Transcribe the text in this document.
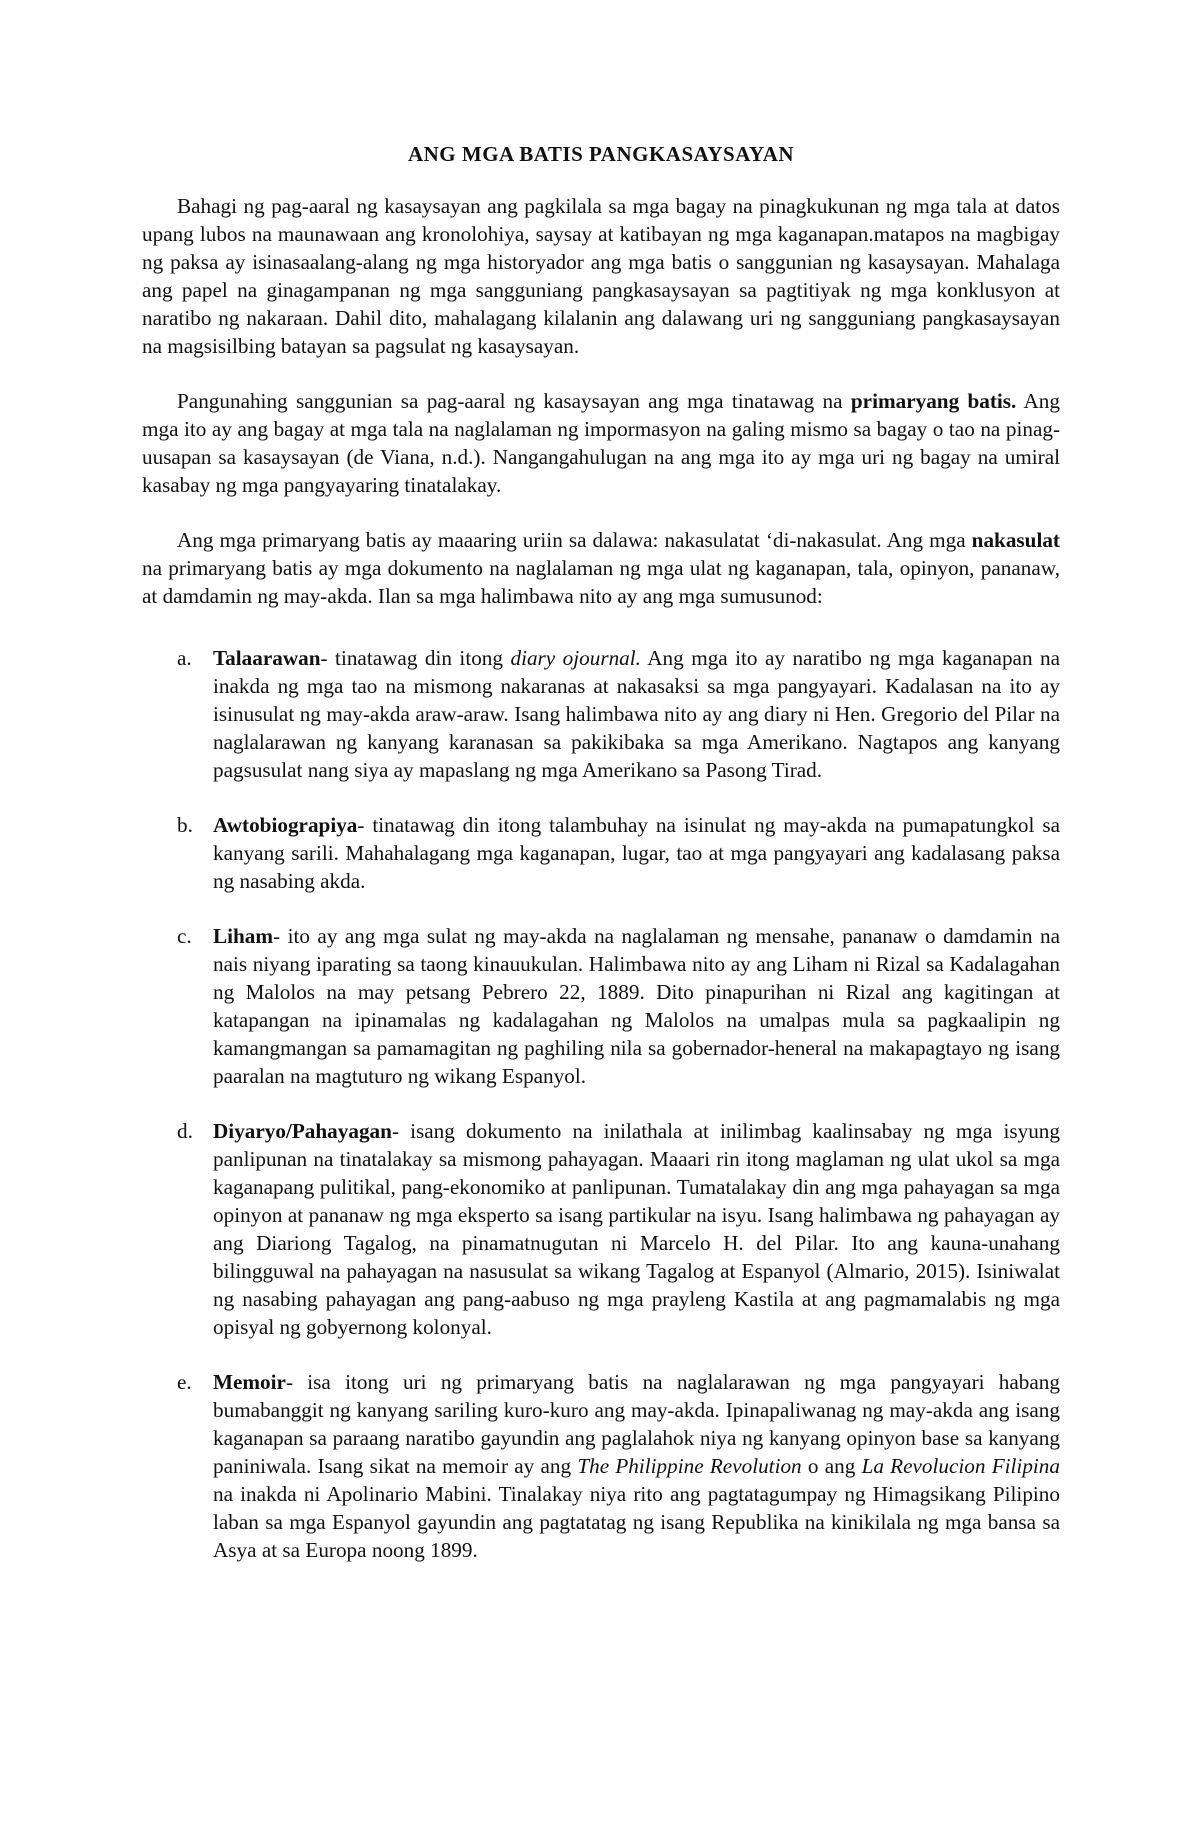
ANG MGA BATIS PANGKASAYSAYAN

Bahagi ng pag-aaral ng kasaysayan ang pagkilala sa mga bagay na pinagkukunan ng mga tala at datos upang lubos na maunawaan ang kronolohiya, saysay at katibayan ng mga kaganapan.matapos na magbigay ng paksa ay isinasaalang-alang ng mga historyador ang mga batis o sanggunian ng kasaysayan. Mahalaga ang papel na ginagampanan ng mga sangguniang pangkasaysayan sa pagtitiyak ng mga konklusyon at naratibo ng nakaraan. Dahil dito, mahalagang kilalanin ang dalawang uri ng sangguniang pangkasaysayan na magsisilbing batayan sa pagsulat ng kasaysayan.

Pangunahing sanggunian sa pag-aaral ng kasaysayan ang mga tinatawag na primaryang batis. Ang mga ito ay ang bagay at mga tala na naglalaman ng impormasyon na galing mismo sa bagay o tao na pinag-uusapan sa kasaysayan (de Viana, n.d.). Nangangahulugan na ang mga ito ay mga uri ng bagay na umiral kasabay ng mga pangyayaring tinatalakay.

Ang mga primaryang batis ay maaaring uriin sa dalawa: nakasulatat ‘di-nakasulat. Ang mga nakasulat na primaryang batis ay mga dokumento na naglalaman ng mga ulat ng kaganapan, tala, opinyon, pananaw, at damdamin ng may-akda. Ilan sa mga halimbawa nito ay ang mga sumusunod:

a. Talaarawan- tinatawag din itong diary ojournal. Ang mga ito ay naratibo ng mga kaganapan na inakda ng mga tao na mismong nakaranas at nakasaksi sa mga pangyayari. Kadalasan na ito ay isinusulat ng may-akda araw-araw. Isang halimbawa nito ay ang diary ni Hen. Gregorio del Pilar na naglalarawan ng kanyang karanasan sa pakikibaka sa mga Amerikano. Nagtapos ang kanyang pagsusulat nang siya ay mapaslang ng mga Amerikano sa Pasong Tirad.
b. Awtobiograpiya- tinatawag din itong talambuhay na isinulat ng may-akda na pumapatungkol sa kanyang sarili. Mahahalagang mga kaganapan, lugar, tao at mga pangyayari ang kadalasang paksa ng nasabing akda.
c. Liham- ito ay ang mga sulat ng may-akda na naglalaman ng mensahe, pananaw o damdamin na nais niyang iparating sa taong kinauukulan. Halimbawa nito ay ang Liham ni Rizal sa Kadalagahan ng Malolos na may petsang Pebrero 22, 1889. Dito pinapurihan ni Rizal ang kagitingan at katapangan na ipinamalas ng kadalagahan ng Malolos na umalpas mula sa pagkaalipin ng kamangmangan sa pamamagitan ng paghiling nila sa gobernador-heneral na makapagtayo ng isang paaralan na magtuturo ng wikang Espanyol.
d. Diyaryo/Pahayagan- isang dokumento na inilathala at inilimbag kaalinsabay ng mga isyung panlipunan na tinatalakay sa mismong pahayagan. Maaari rin itong maglaman ng ulat ukol sa mga kaganapang pulitikal, pang-ekonomiko at panlipunan. Tumatalakay din ang mga pahayagan sa mga opinyon at pananaw ng mga eksperto sa isang partikular na isyu. Isang halimbawa ng pahayagan ay ang Diariong Tagalog, na pinamatnugutan ni Marcelo H. del Pilar. Ito ang kauna-unahang bilingguwal na pahayagan na nasusulat sa wikang Tagalog at Espanyol (Almario, 2015). Isiniwalat ng nasabing pahayagan ang pang-aabuso ng mga prayleng Kastila at ang pagmamalabis ng mga opisyal ng gobyernong kolonyal.
e. Memoir- isa itong uri ng primaryang batis na naglalarawan ng mga pangyayari habang bumabanggit ng kanyang sariling kuro-kuro ang may-akda. Ipinapaliwanag ng may-akda ang isang kaganapan sa paraang naratibo gayundin ang paglalahok niya ng kanyang opinyon base sa kanyang paniniwala. Isang sikat na memoir ay ang The Philippine Revolution o ang La Revolucion Filipina na inakda ni Apolinario Mabini. Tinalakay niya rito ang pagtatagumpay ng Himagsikang Pilipino laban sa mga Espanyol gayundin ang pagtatatag ng isang Republika na kinikilala ng mga bansa sa Asya at sa Europa noong 1899.
